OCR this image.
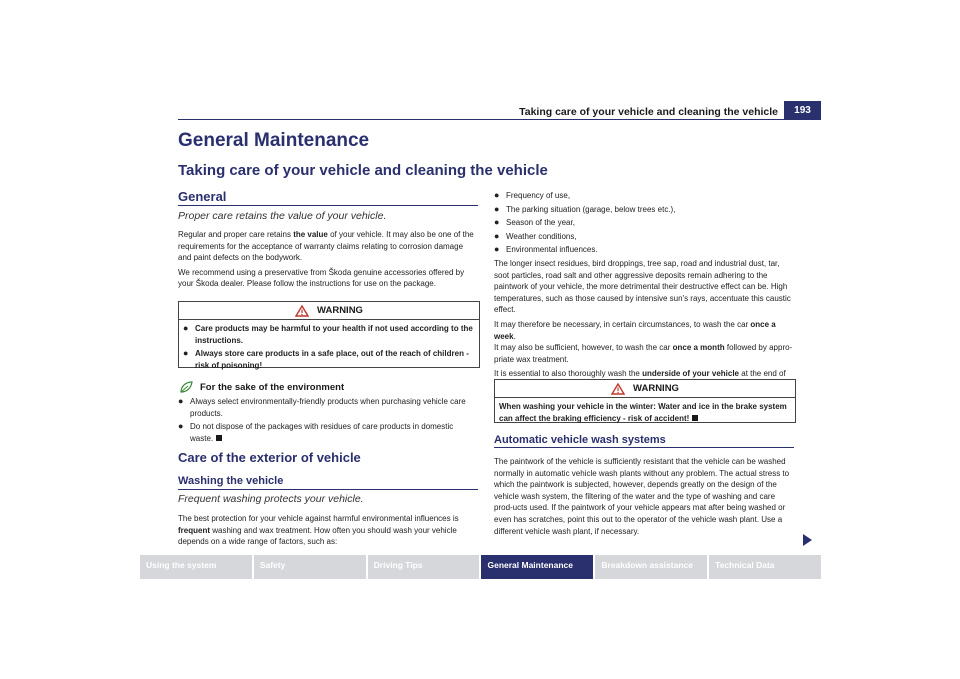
Taking care of your vehicle and cleaning the vehicle	193
General Maintenance
Taking care of your vehicle and cleaning the vehicle
General
Proper care retains the value of your vehicle.

Regular and proper care retains the value of your vehicle. It may also be one of the requirements for the acceptance of warranty claims relating to corrosion damage and paint defects on the bodywork.

We recommend using a preservative from Škoda genuine accessories offered by your Škoda dealer. Please follow the instructions for use on the package.

WARNING

● Care products may be harmful to your health if not used according to the instructions.

● Always store care products in a safe place, out of the reach of children - risk of poisoning!

For the sake of the environment

● Always select environmentally-friendly products when purchasing vehicle care products.

● Do not dispose of the packages with residues of care products in domestic waste.

Care of the exterior of vehicle
Washing the vehicle
Frequent washing protects your vehicle.

The best protection for your vehicle against harmful environmental influences is frequent washing and wax treatment. How often you should wash your vehicle depends on a wide range of factors, such as:

● Frequency of use,

● The parking situation (garage, below trees etc.),

● Season of the year,

● Weather conditions,

● Environmental influences.

The longer insect residues, bird droppings, tree sap, road and industrial dust, tar, soot particles, road salt and other aggressive deposits remain adhering to the paintwork of your vehicle, the more detrimental their destructive effect can be. High temperatures, such as those caused by intensive sun's rays, accentuate this caustic effect.

It may therefore be necessary, in certain circumstances, to wash the car once a week.

It may also be sufficient, however, to wash the car once a month followed by appro-priate wax treatment.

It is essential to also thoroughly wash the underside of your vehicle at the end of

WARNING

When washing your vehicle in the winter: Water and ice in the brake system can affect the braking efficiency - risk of accident!

Automatic vehicle wash systems

The paintwork of the vehicle is sufficiently resistant that the vehicle can be washed normally in automatic vehicle wash plants without any problem. The actual stress to which the paintwork is subjected, however, depends greatly on the design of the vehicle wash system, the filtering of the water and the type of washing and care prod-ucts used. If the paintwork of your vehicle appears mat after being washed or even has scratches, point this out to the operator of the vehicle wash plant. Use a different vehicle wash plant, if necessary.

Using the system	Safety	Driving Tips	General Maintenance	Breakdown assistance	Technical Data
